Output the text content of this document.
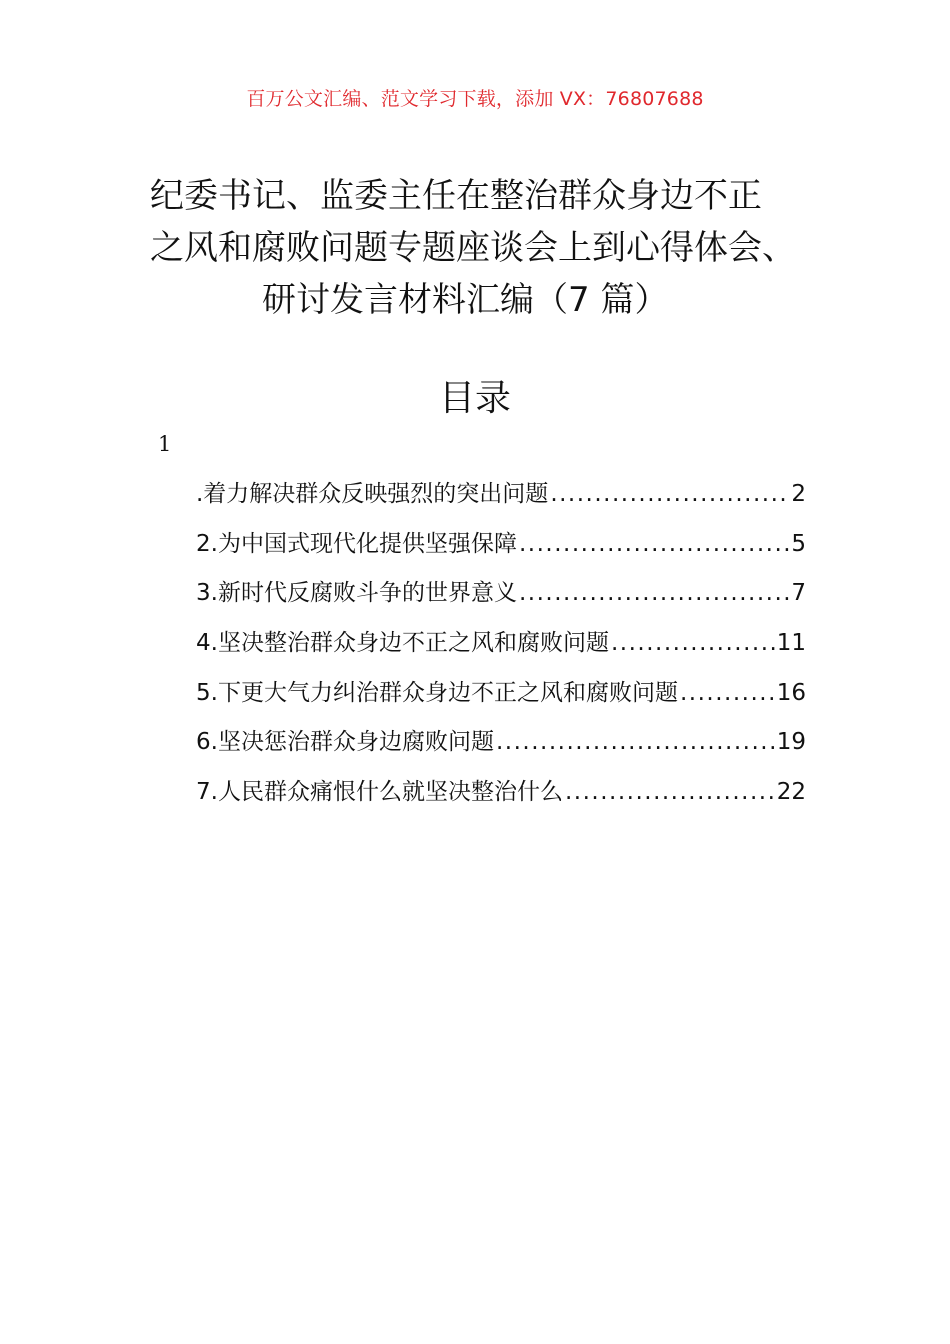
百万公文汇编、范文学习下载，添加 VX：76807688
纪委书记、监委主任在整治群众身边不正
之风和腐败问题专题座谈会上到心得体会、
研讨发言材料汇编（7 篇）
目录
1
.着力解决群众反映强烈的突出问题 .....	2
2.为中国式现代化提供坚强保障 .....	5
3.新时代反腐败斗争的世界意义 .....	7
4.坚决整治群众身边不正之风和腐败问题 .....	11
5.下更大气力纠治群众身边不正之风和腐败问题 .....	16
6.坚决惩治群众身边腐败问题 .....	19
7.人民群众痛恨什么就坚决整治什么 .....	22
